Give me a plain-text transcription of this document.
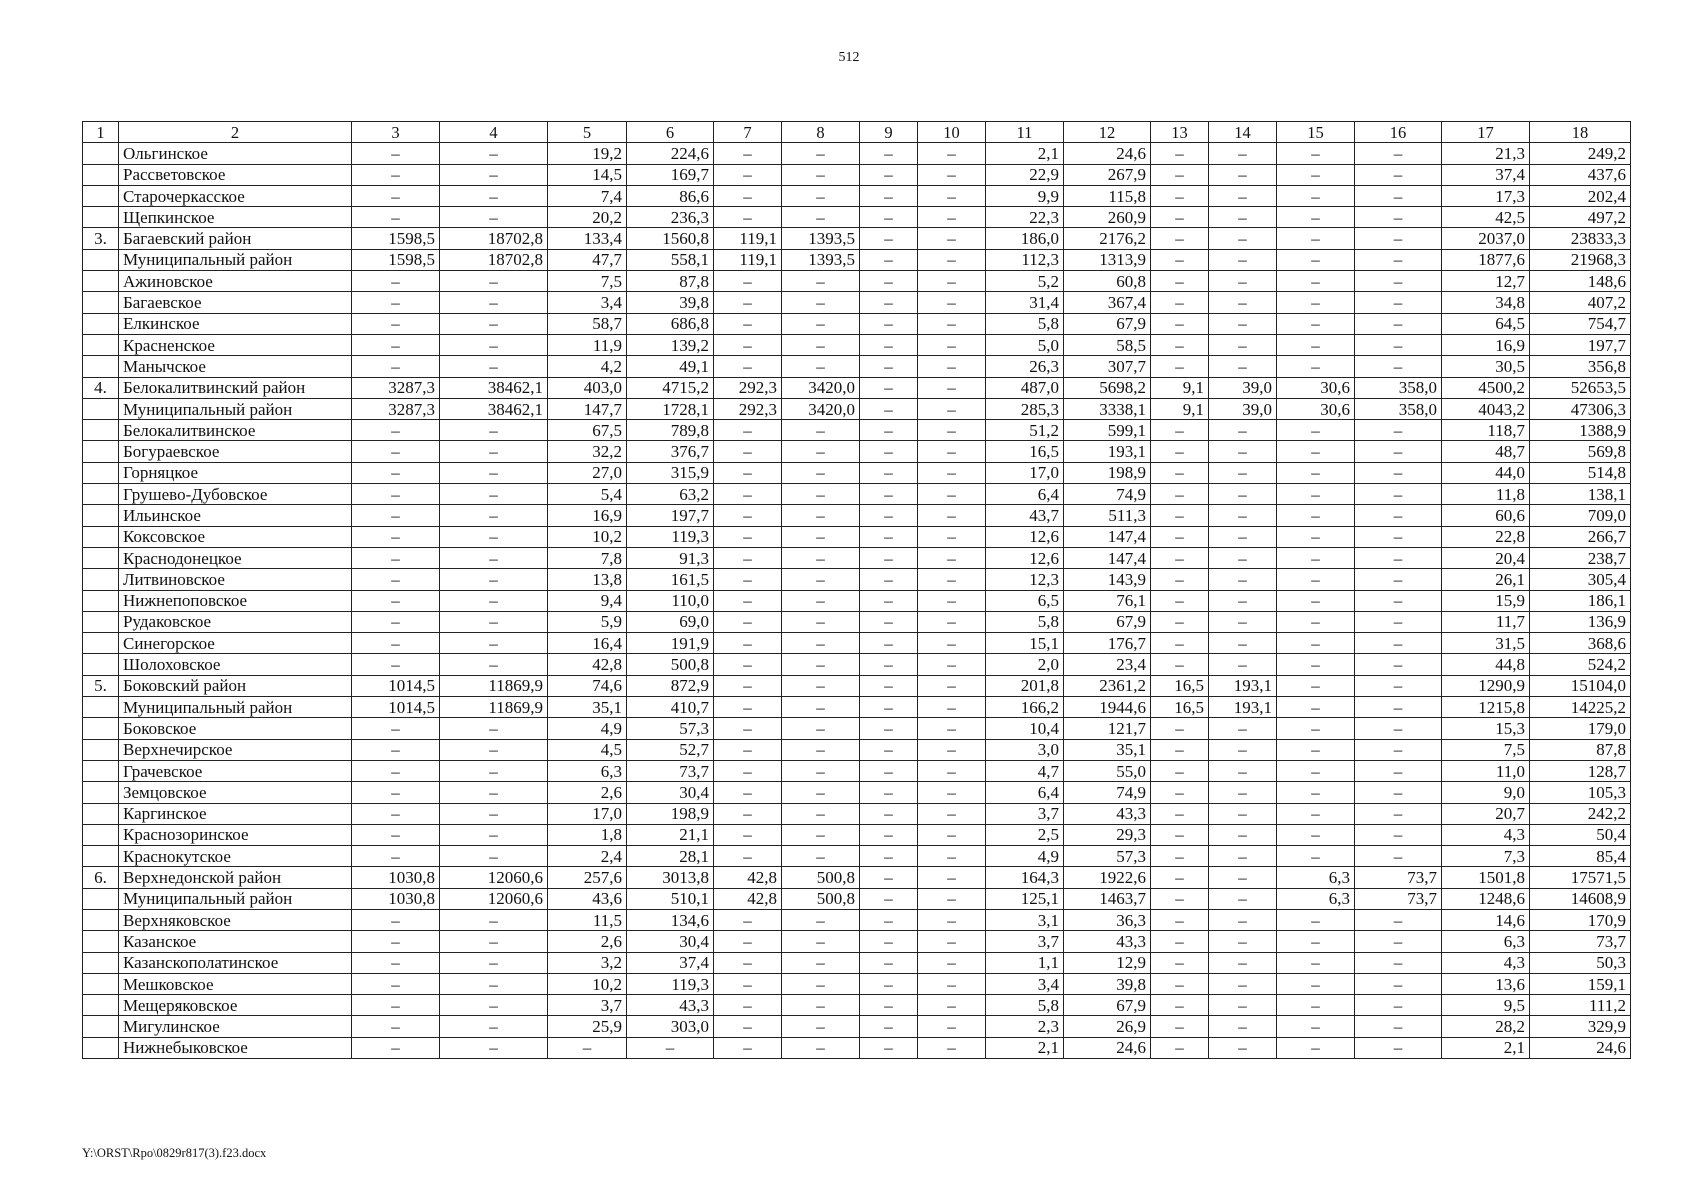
512
1	2	3	4	5	6	7	8	9	10	11	12	13	14	15	16	17	18
	Ольгинское	–	–	19,2	224,6	–	–	–	–	2,1	24,6	–	–	–	–	21,3	249,2
	Рассветовское	–	–	14,5	169,7	–	–	–	–	22,9	267,9	–	–	–	–	37,4	437,6
	Старочеркасское	–	–	7,4	86,6	–	–	–	–	9,9	115,8	–	–	–	–	17,3	202,4
	Щепкинское	–	–	20,2	236,3	–	–	–	–	22,3	260,9	–	–	–	–	42,5	497,2
3.	Багаевский район	1598,5	18702,8	133,4	1560,8	119,1	1393,5	–	–	186,0	2176,2	–	–	–	–	2037,0	23833,3
	Муниципальный район	1598,5	18702,8	47,7	558,1	119,1	1393,5	–	–	112,3	1313,9	–	–	–	–	1877,6	21968,3
	Ажиновское	–	–	7,5	87,8	–	–	–	–	5,2	60,8	–	–	–	–	12,7	148,6
	Багаевское	–	–	3,4	39,8	–	–	–	–	31,4	367,4	–	–	–	–	34,8	407,2
	Елкинское	–	–	58,7	686,8	–	–	–	–	5,8	67,9	–	–	–	–	64,5	754,7
	Красненское	–	–	11,9	139,2	–	–	–	–	5,0	58,5	–	–	–	–	16,9	197,7
	Манычское	–	–	4,2	49,1	–	–	–	–	26,3	307,7	–	–	–	–	30,5	356,8
4.	Белокалитвинский район	3287,3	38462,1	403,0	4715,2	292,3	3420,0	–	–	487,0	5698,2	9,1	39,0	30,6	358,0	4500,2	52653,5
	Муниципальный район	3287,3	38462,1	147,7	1728,1	292,3	3420,0	–	–	285,3	3338,1	9,1	39,0	30,6	358,0	4043,2	47306,3
	Белокалитвинское	–	–	67,5	789,8	–	–	–	–	51,2	599,1	–	–	–	–	118,7	1388,9
	Богураевское	–	–	32,2	376,7	–	–	–	–	16,5	193,1	–	–	–	–	48,7	569,8
	Горняцкое	–	–	27,0	315,9	–	–	–	–	17,0	198,9	–	–	–	–	44,0	514,8
	Грушево-Дубовское	–	–	5,4	63,2	–	–	–	–	6,4	74,9	–	–	–	–	11,8	138,1
	Ильинское	–	–	16,9	197,7	–	–	–	–	43,7	511,3	–	–	–	–	60,6	709,0
	Коксовское	–	–	10,2	119,3	–	–	–	–	12,6	147,4	–	–	–	–	22,8	266,7
	Краснодонецкое	–	–	7,8	91,3	–	–	–	–	12,6	147,4	–	–	–	–	20,4	238,7
	Литвиновское	–	–	13,8	161,5	–	–	–	–	12,3	143,9	–	–	–	–	26,1	305,4
	Нижнепоповское	–	–	9,4	110,0	–	–	–	–	6,5	76,1	–	–	–	–	15,9	186,1
	Рудаковское	–	–	5,9	69,0	–	–	–	–	5,8	67,9	–	–	–	–	11,7	136,9
	Синегорское	–	–	16,4	191,9	–	–	–	–	15,1	176,7	–	–	–	–	31,5	368,6
	Шолоховское	–	–	42,8	500,8	–	–	–	–	2,0	23,4	–	–	–	–	44,8	524,2
5.	Боковский район	1014,5	11869,9	74,6	872,9	–	–	–	–	201,8	2361,2	16,5	193,1	–	–	1290,9	15104,0
	Муниципальный район	1014,5	11869,9	35,1	410,7	–	–	–	–	166,2	1944,6	16,5	193,1	–	–	1215,8	14225,2
	Боковское	–	–	4,9	57,3	–	–	–	–	10,4	121,7	–	–	–	–	15,3	179,0
	Верхнечирское	–	–	4,5	52,7	–	–	–	–	3,0	35,1	–	–	–	–	7,5	87,8
	Грачевское	–	–	6,3	73,7	–	–	–	–	4,7	55,0	–	–	–	–	11,0	128,7
	Земцовское	–	–	2,6	30,4	–	–	–	–	6,4	74,9	–	–	–	–	9,0	105,3
	Каргинское	–	–	17,0	198,9	–	–	–	–	3,7	43,3	–	–	–	–	20,7	242,2
	Краснозоринское	–	–	1,8	21,1	–	–	–	–	2,5	29,3	–	–	–	–	4,3	50,4
	Краснокутское	–	–	2,4	28,1	–	–	–	–	4,9	57,3	–	–	–	–	7,3	85,4
6.	Верхнедонской район	1030,8	12060,6	257,6	3013,8	42,8	500,8	–	–	164,3	1922,6	–	–	6,3	73,7	1501,8	17571,5
	Муниципальный район	1030,8	12060,6	43,6	510,1	42,8	500,8	–	–	125,1	1463,7	–	–	6,3	73,7	1248,6	14608,9
	Верхняковское	–	–	11,5	134,6	–	–	–	–	3,1	36,3	–	–	–	–	14,6	170,9
	Казанское	–	–	2,6	30,4	–	–	–	–	3,7	43,3	–	–	–	–	6,3	73,7
	Казанскополатинское	–	–	3,2	37,4	–	–	–	–	1,1	12,9	–	–	–	–	4,3	50,3
	Мешковское	–	–	10,2	119,3	–	–	–	–	3,4	39,8	–	–	–	–	13,6	159,1
	Мещеряковское	–	–	3,7	43,3	–	–	–	–	5,8	67,9	–	–	–	–	9,5	111,2
	Мигулинское	–	–	25,9	303,0	–	–	–	–	2,3	26,9	–	–	–	–	28,2	329,9
	Нижнебыковское	–	–	–	–	–	–	–	–	2,1	24,6	–	–	–	–	2,1	24,6
Y:\ORST\Rpo\0829r817(3).f23.docx
